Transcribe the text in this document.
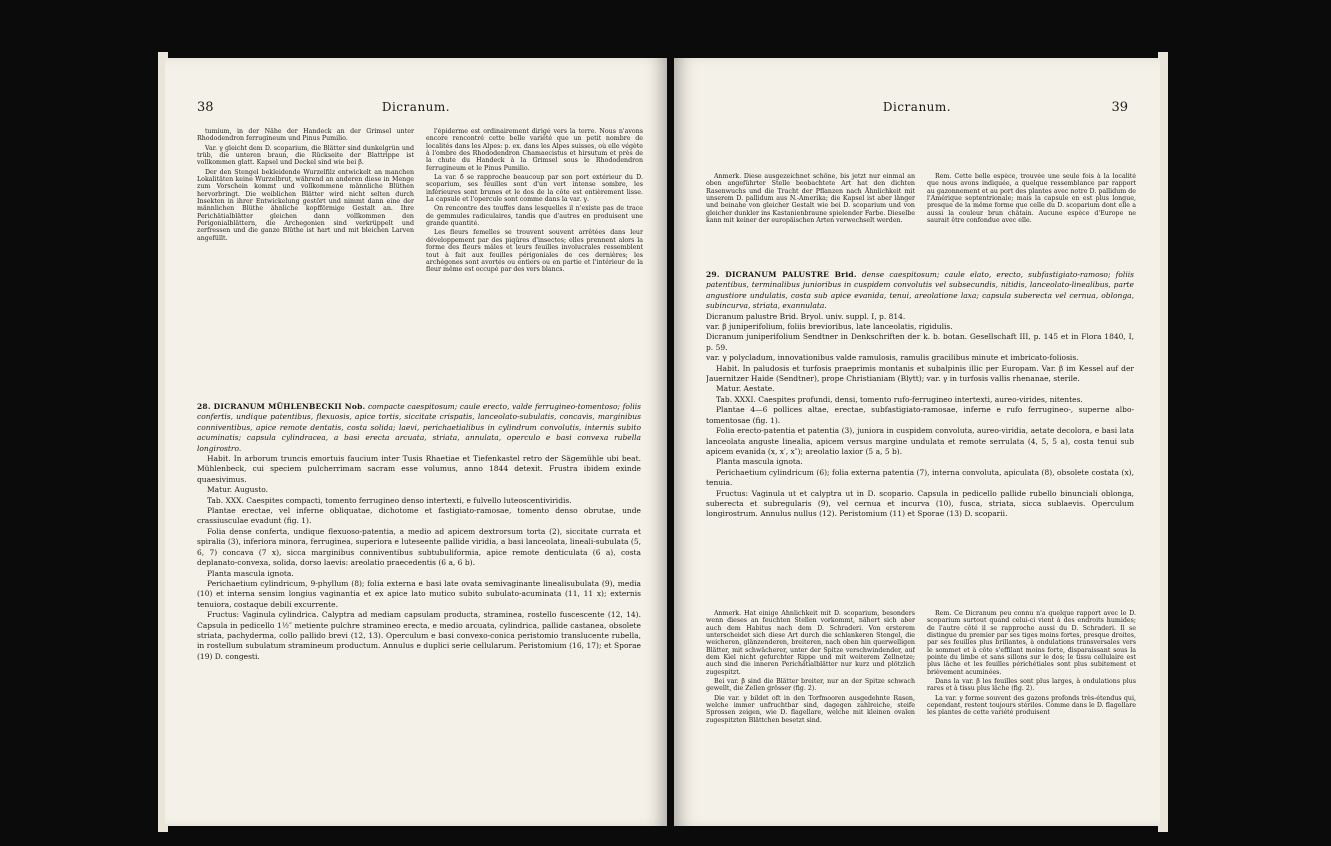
38	Dicranum.

tumium, in der Nähe der Handeck an der Grimsel unter Rhododendron ferrugineum und Pinus Pumilio.

Var. γ gleicht dem D. scoparium, die Blätter sind dunkelgrün und trüb, die unteren braun, die Rückseite der Blattrippe ist vollkommen glatt. Kapsel und Deckel sind wie bei β.

Der den Stengel bekleidende Wurzelfilz entwickelt an manchen Lokalitäten keine Wurzelbrut, während an anderen diese in Menge zum Vorschein kommt und vollkommene männliche Blüthen hervorbringt. Die weiblichen Blätter wird nicht selten durch Insekten in ihrer Entwickelung gestört und nimmt dann eine der männlichen Blüthe ähnliche kopfförmige Gestalt an. Ihre Perichätialblätter gleichen dann vollkommen den Perigonialblättern, die Archegonien sind verkrüppelt und zerfressen und die ganze Blüthe ist hart und mit bleichen Larven angefüllt.

l'épiderme est ordinairement dirigé vers la terre. Nous n'avons encore rencontré cette belle variété que un petit nombre de localités dans les Alpes: p. ex. dans les Alpes suisses, où elle végète à l'ombre des Rhododendron Chamaecistus et hirsutum et près de la chute du Handeck à la Grimsel sous le Rhododendron ferrugineum et le Pinus Pumilio.

La var. δ se rapproche beaucoup par son port extérieur du D. scoparium, ses feuilles sont d'un vert intense sombre, les inférieures sont brunes et le dos de la côte est entièrement lisse. La capsule et l'opercule sont comme dans la var. γ.

On rencontre des touffes dans lesquelles il n'existe pas de trace de gemmules radiculaires, tandis que d'autres en produisent une grande quantité.

Les fleurs femelles se trouvent souvent arrêtées dans leur développement par des piqûres d'insectes; elles prennent alors la forme des fleurs mâles et leurs feuilles involucrales ressemblent tout à fait aux feuilles périgoniales de ces dernières; les archégones sont avortés ou entiers ou en partie et l'intérieur de la fleur même est occupé par des vers blancs.

28. DICRANUM MÜHLENBECKII Nob. compacte caespitosum; caule erecto, valde ferrugineo-tomentoso; foliis confertis, undique patentibus, flexuosis, apice tortis, siccitate crispatis, lanceolato-subulatis, concavis, marginibus conniventibus, apice remote dentatis, costa solida; laevi, perichaetialibus in cylindrum convolutis, internis subito acuminatis; capsula cylindracea, a basi erecta arcuata, striata, annulata, operculo e basi convexa rubella longirostro.

Habit. In arborum truncis emortuis faucium inter Tusis Rhaetiae et Tiefenkastel retro der Sägemühle ubi beat. Mühlenbeck, cui speciem pulcherrimam sacram esse volumus, anno 1844 detexit. Frustra ibidem exinde quaesivimus.

Matur. Augusto.

Tab. XXX. Caespites compacti, tomento ferrugineo denso intertexti, e fulvello luteoscentiviridis.

Plantae erectae, vel inferne obliquatae, dichotome et fastigiato-ramosae, tomento denso obrutae, unde crassiusculae evadunt (fig. 1).

Folia dense conferta, undique flexuoso-patentia, a medio ad apicem dextrorsum torta (2), siccitate currata et spiralia (3), inferiora minora, ferruginea, superiora e luteseente pallide viridia, a basi lanceolata, lineali-subulata (5, 6, 7) concava (7 x), sicca marginibus conniventibus subtubuliformia, apice remote denticulata (6 a), costa deplanato-convexa, solida, dorso laevis: areolatio praecedentis (6 a, 6 b).

Planta mascula ignota.

Perichaetium cylindricum, 9-phyllum (8); folia externa e basi late ovata semivaginante linealisubulata (9), media (10) et interna sensim longius vaginantia et ex apice lato mutico subito subulato-acuminata (11, 11 x); externis tenuiora, costaque debili excurrente.

Fructus: Vaginula cylindrica. Calyptra ad mediam capsulam producta, straminea, rostello fuscescente (12, 14). Capsula in pedicello 1½″ metiente pulchre stramineo erecta, e medio arcuata, cylindrica, pallide castanea, obsolete striata, pachyderma, collo pallido brevi (12, 13). Operculum e basi convexo-conica peristomio translucente rubella, in rostellum subulatum stramineum productum. Annulus e duplici serie cellularum. Peristomium (16, 17); et Sporae (19) D. congesti.

Dicranum.	39

Anmerk. Diese ausgezeichnet schöne, bis jetzt nur einmal an oben angeführter Stelle beobachtete Art hat den dichten Rasenwuchs und die Tracht der Pflanzen nach Ähnlichkeit mit unserem D. pallidum aus N.-Amerika; die Kapsel ist aber länger und beinahe von gleicher Gestalt wie bei D. scoparium und von gleicher dunkler ins Kastanienbraune spielender Farbe. Dieselbe kann mit keiner der europäischen Arten verwechselt werden.

Rem. Cette belle espèce, trouvée une seule fois à la localité que nous avons indiquée, a quelque ressemblance par rapport au gazonnement et au port des plantes avec notre D. pallidum de l'Amérique septentrionale; mais la capsule en est plus longue, presque de la même forme que celle du D. scoparium dont elle a aussi la couleur brun châtain. Aucune espèce d'Europe ne saurait être confondue avec elle.

29. DICRANUM PALUSTRE Brid. dense caespitosum; caule elato, erecto, subfastigiato-ramoso; foliis patentibus, terminalibus junioribus in cuspidem convolutis vel subsecundis, nitidis, lanceolato-linealibus, parte angustiore undulatis, costa sub apice evanida, tenui, areolatione laxa; capsula suberecta vel cernua, oblonga, subincurva, striata, exannulata.

Dicranum palustre Brid. Bryol. univ. suppl. I, p. 814.

var. β juniperifolium, foliis brevioribus, late lanceolatis, rigidulis.

Dicranum juniperifolium Sendtner in Denkschriften der k. b. botan. Gesellschaft III, p. 145 et in Flora 1840, I, p. 59.

var. γ polycladum, innovationibus valde ramulosis, ramulis gracilibus minute et imbricato-foliosis.

Habit. In paludosis et turfosis praeprimis montanis et subalpinis illic per Europam. Var. β im Kessel auf der Jauernitzer Haide (Sendtner), prope Christianiam (Blytt); var. γ in turfosis vallis rhenanae, sterile.

Matur. Aestate.

Tab. XXXI. Caespites profundi, densi, tomento rufo-ferrugineo intertexti, aureo-virides, nitentes.

Plantae 4—6 pollices altae, erectae, subfastigiato-ramosae, inferne e rufo ferrugineo-, superne albo-tomentosae (fig. 1).

Folia erecto-patentia et patentia (3), juniora in cuspidem convoluta, aureo-viridia, aetate decolora, e basi lata lanceolata anguste linealia, apicem versus margine undulata et remote serrulata (4, 5, 5 a), costa tenui sub apicem evanida (x, x′, x″); areolatio laxior (5 a, 5 b).

Planta mascula ignota.

Perichaetium cylindricum (6); folia externa patentia (7), interna convoluta, apiculata (8), obsolete costata (x), tenuia.

Fructus: Vaginula ut et calyptra ut in D. scopario. Capsula in pedicello pallide rubello binunciali oblonga, suberecta et subregularis (9), vel cernua et incurva (10), fusca, striata, sicca sublaevis. Operculum longirostrum. Annulus nullus (12). Peristomium (11) et Sporae (13) D. scoparii.

Anmerk. Hat einige Ähnlichkeit mit D. scoparium, besonders wenn dieses an feuchten Stellen vorkommt, nähert sich aber auch dem Habitus nach dem D. Schraderi. Von ersterem unterscheidet sich diese Art durch die schlankeren Stengel, die weicheren, glänzenderen, breiteren, nach oben hin querwelligen Blätter, mit schwächerer, unter der Spitze verschwindender, auf dem Kiel nicht gefurchter Rippe und mit weiterem Zellnetze; auch sind die inneren Perichätialblätter nur kurz und plötzlich zugespitzt.

Bei var. β sind die Blätter breiter, nur an der Spitze schwach gewellt, die Zellen grösser (fig. 2).

Die var. γ bildet oft in den Torfmooren ausgedehnte Rasen, welche immer unfruchtbar sind, dagegen zahlreiche, steife Sprossen zeigen, wie D. flagellare, welche mit kleinen ovalen zugespitzten Blättchen besetzt sind.

Rem. Ce Dicranum peu connu n'a quelque rapport avec le D. scoparium surtout quand celui-ci vient à des endroits humides; de l'autre côté il se rapproche aussi du D. Schraderi. Il se distingue du premier par ses tiges moins fortes, presque droites, par ses feuilles plus brillantes, à ondulations transversales vers le sommet et à côte s'effilant moins forte, disparaissant sous la pointe du limbe et sans sillons sur le dos; le tissu cellulaire est plus lâche et les feuilles périchétiales sont plus subitement et brièvement acuminées.

Dans la var. β les feuilles sont plus larges, à ondulations plus rares et à tissu plus lâche (fig. 2).

La var. γ forme souvent des gazons profonds très-étendus qui, cependant, restent toujours stériles. Comme dans le D. flagellare les plantes de cette variété produisent
